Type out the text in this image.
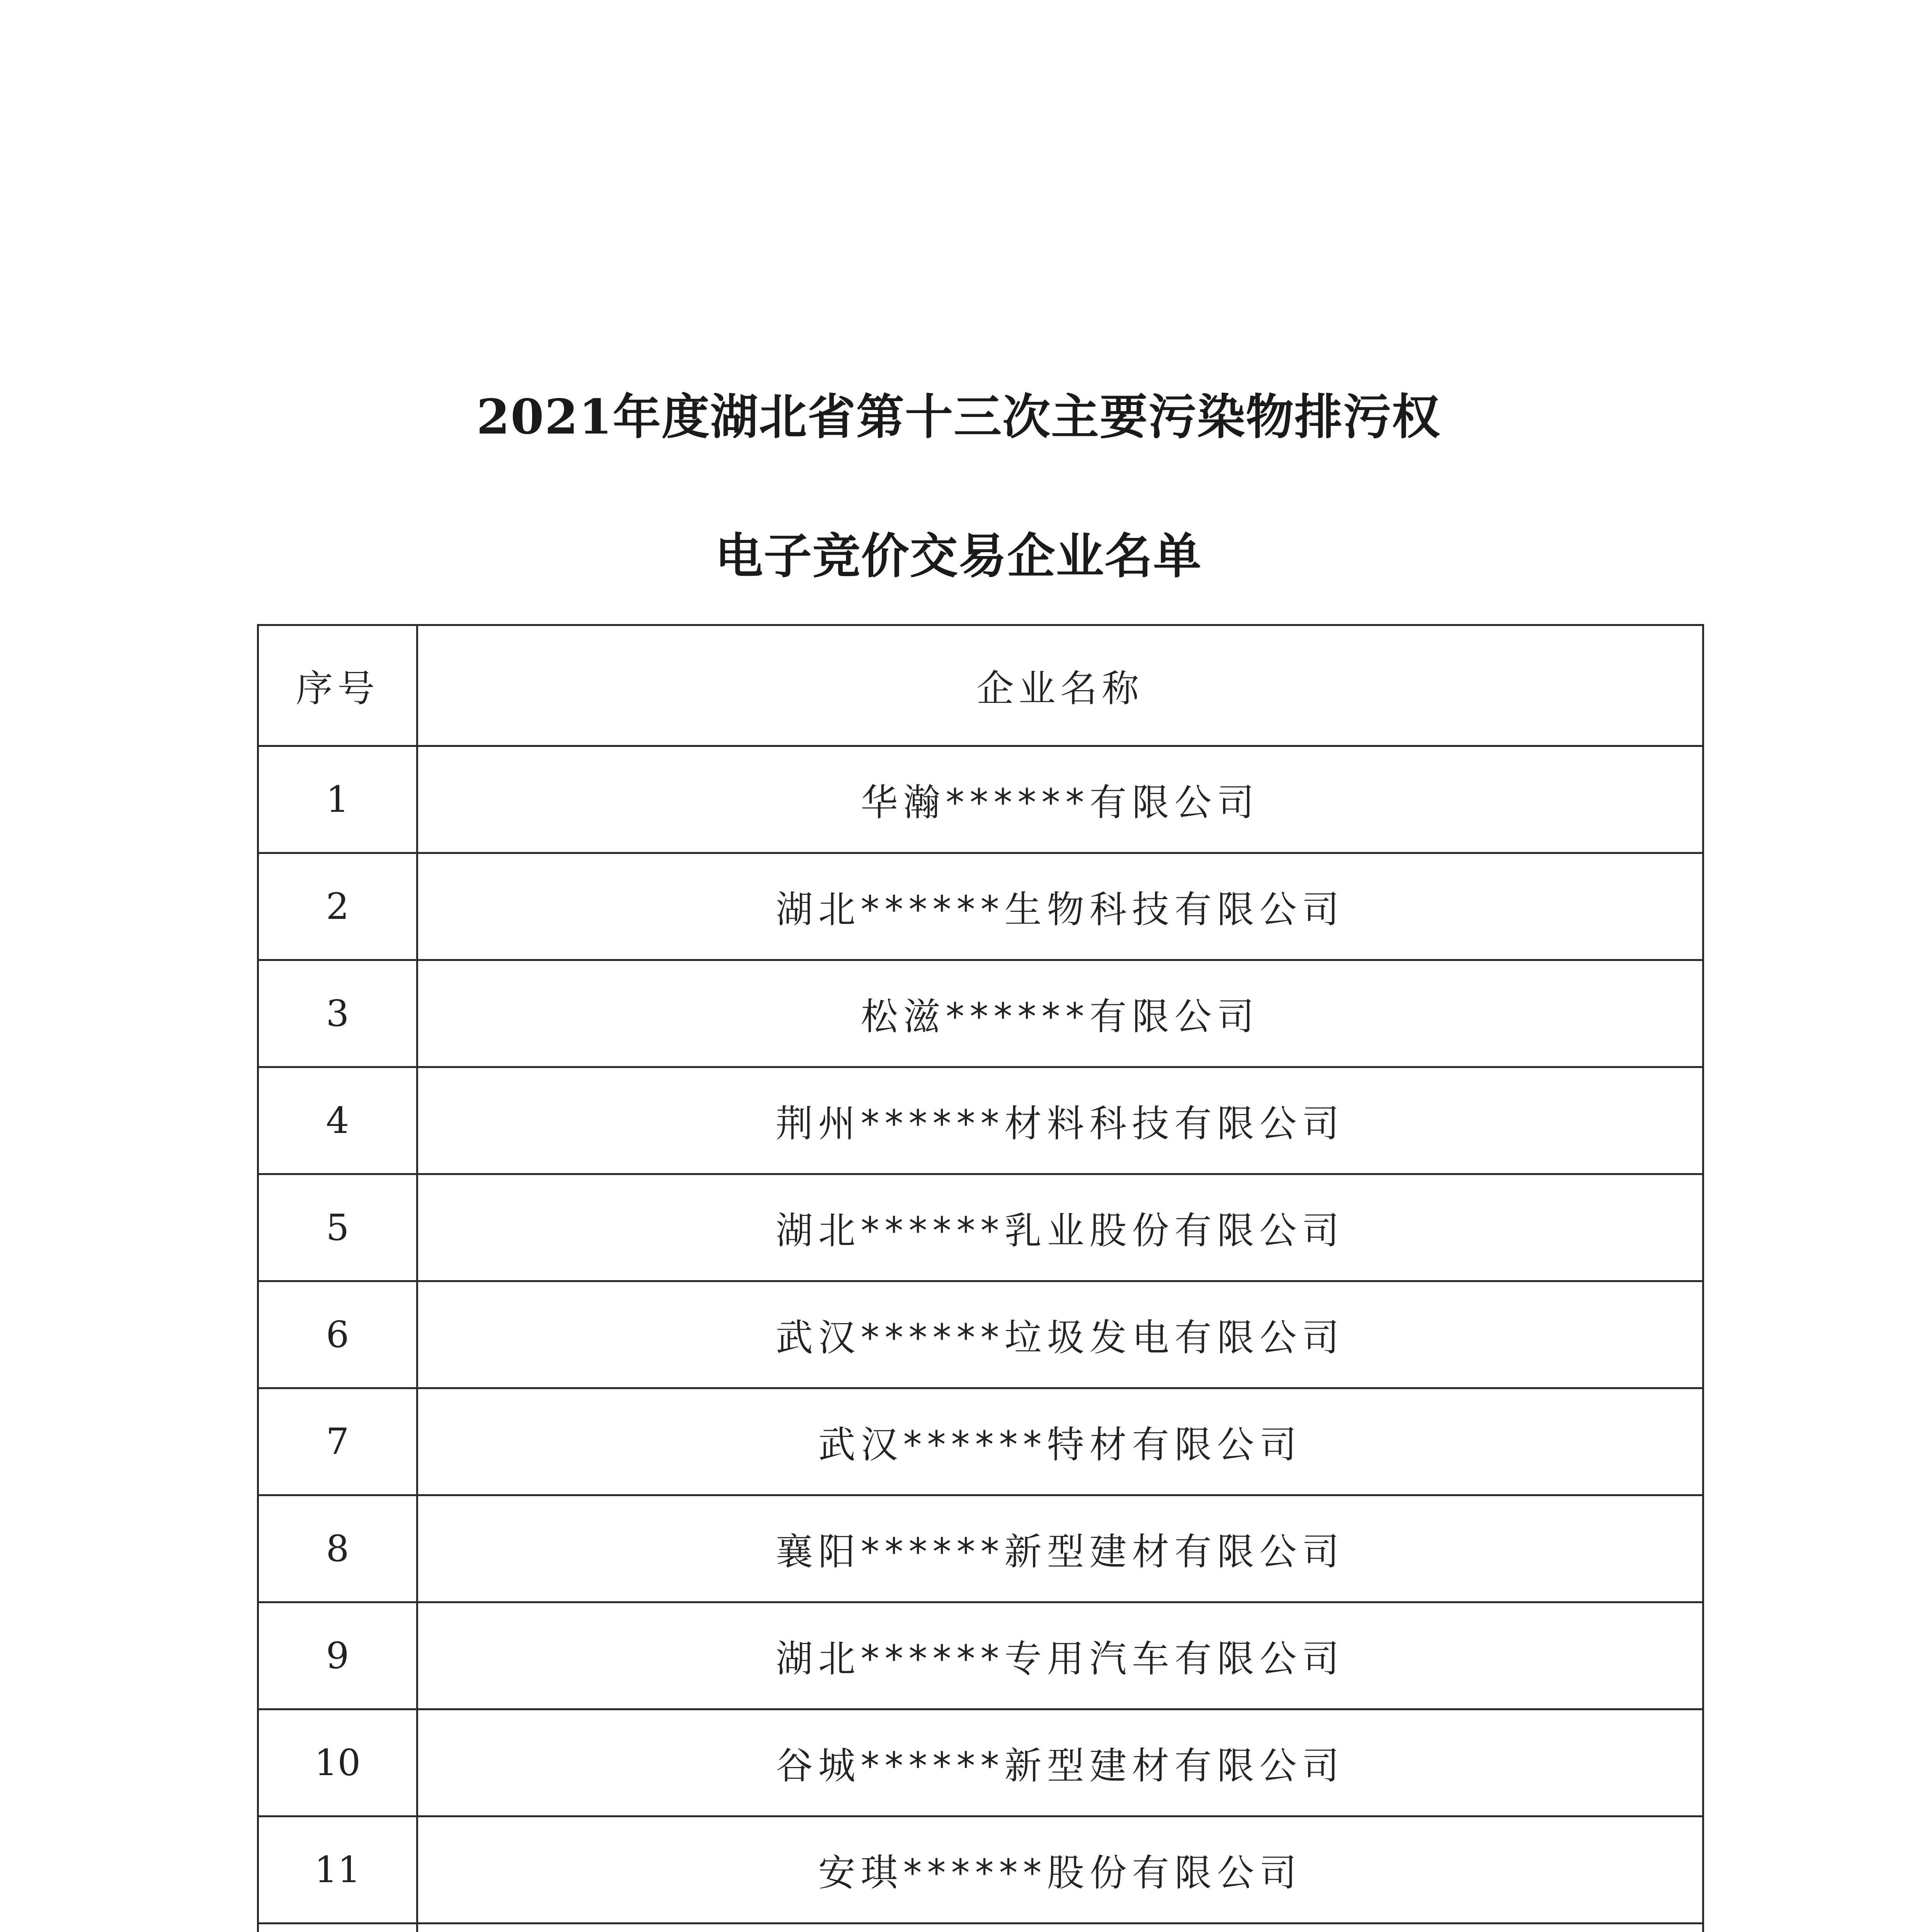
2021年度湖北省第十三次主要污染物排污权
电子竞价交易企业名单
序号	企业名称
1	华瀚******有限公司
2	湖北******生物科技有限公司
3	松滋******有限公司
4	荆州******材料科技有限公司
5	湖北******乳业股份有限公司
6	武汉******垃圾发电有限公司
7	武汉******特材有限公司
8	襄阳******新型建材有限公司
9	湖北******专用汽车有限公司
10	谷城******新型建材有限公司
11	安琪******股份有限公司
